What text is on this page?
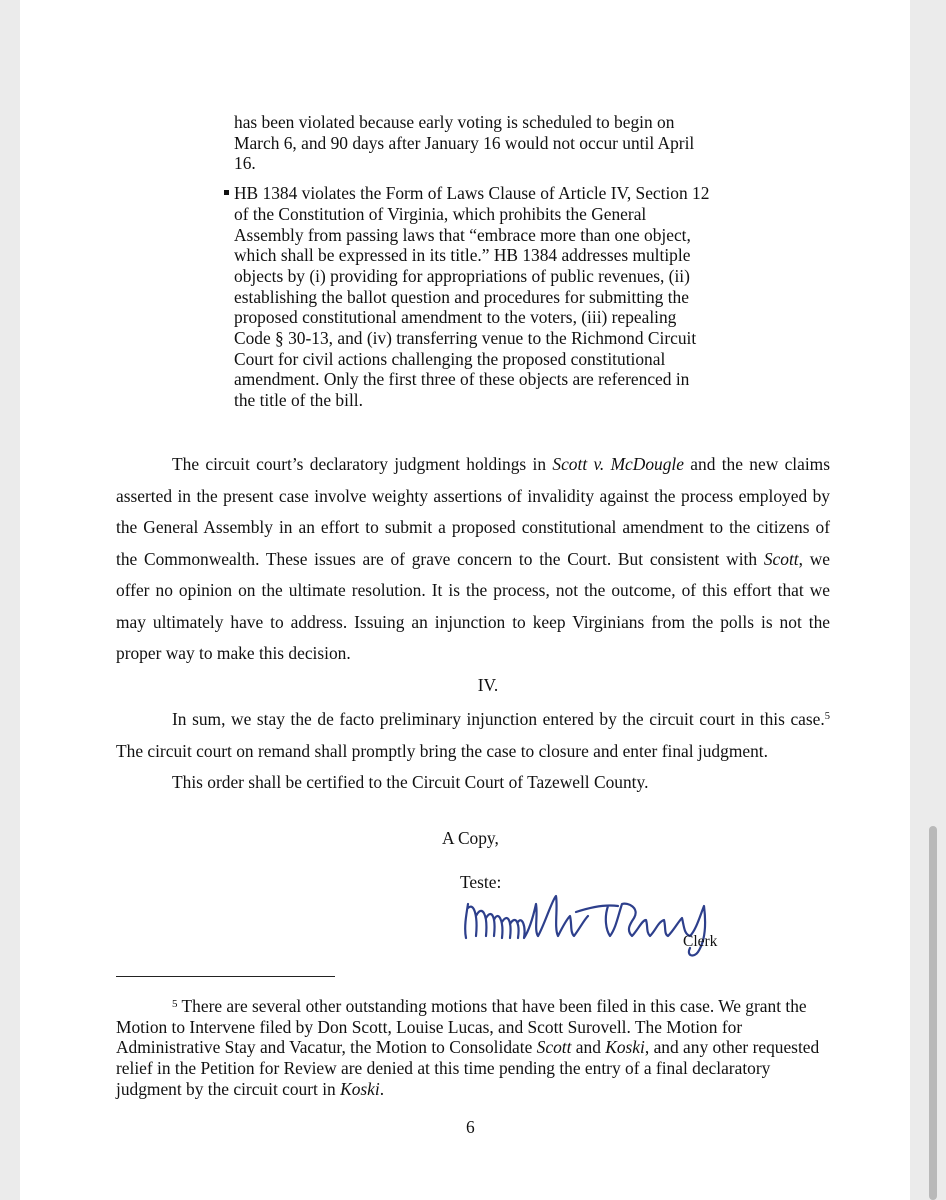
has been violated because early voting is scheduled to begin on March 6, and 90 days after January 16 would not occur until April 16.

HB 1384 violates the Form of Laws Clause of Article IV, Section 12 of the Constitution of Virginia, which prohibits the General Assembly from passing laws that “embrace more than one object, which shall be expressed in its title.” HB 1384 addresses multiple objects by (i) providing for appropriations of public revenues, (ii) establishing the ballot question and procedures for submitting the proposed constitutional amendment to the voters, (iii) repealing Code § 30-13, and (iv) transferring venue to the Richmond Circuit Court for civil actions challenging the proposed constitutional amendment. Only the first three of these objects are referenced in the title of the bill.

The circuit court’s declaratory judgment holdings in Scott v. McDougle and the new claims asserted in the present case involve weighty assertions of invalidity against the process employed by the General Assembly in an effort to submit a proposed constitutional amendment to the citizens of the Commonwealth. These issues are of grave concern to the Court. But consistent with Scott, we offer no opinion on the ultimate resolution. It is the process, not the outcome, of this effort that we may ultimately have to address. Issuing an injunction to keep Virginians from the polls is not the proper way to make this decision.

IV.

In sum, we stay the de facto preliminary injunction entered by the circuit court in this case.$^5$ The circuit court on remand shall promptly bring the case to closure and enter final judgment.

This order shall be certified to the Circuit Court of Tazewell County.

A Copy,
Teste:
Clerk

$^5$ There are several other outstanding motions that have been filed in this case. We grant the Motion to Intervene filed by Don Scott, Louise Lucas, and Scott Surovell. The Motion for Administrative Stay and Vacatur, the Motion to Consolidate Scott and Koski, and any other requested relief in the Petition for Review are denied at this time pending the entry of a final declaratory judgment by the circuit court in Koski.

6
